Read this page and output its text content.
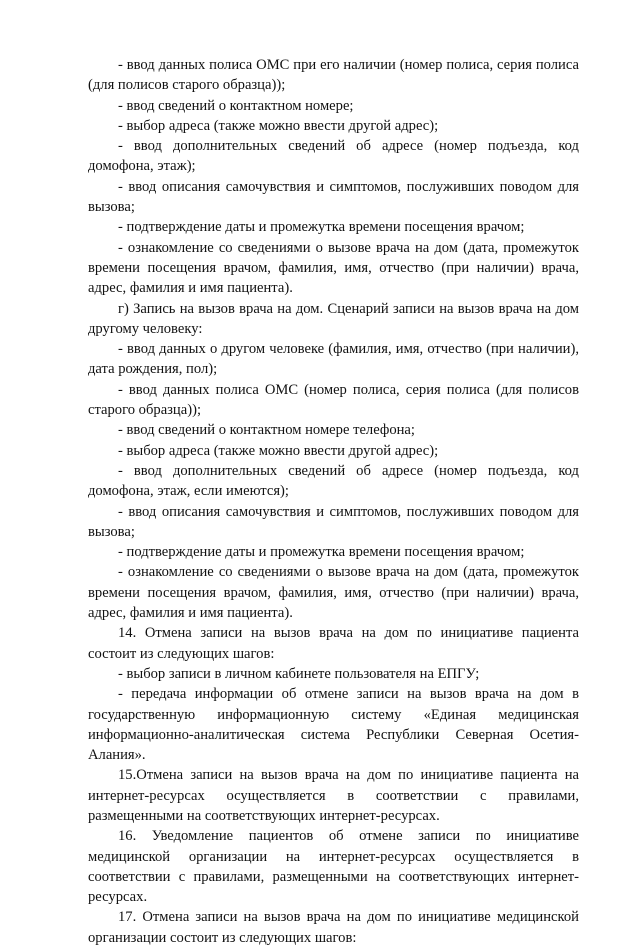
- ввод данных полиса ОМС при его наличии (номер полиса, серия полиса (для полисов старого образца));

- ввод сведений о контактном номере;

- выбор адреса (также можно ввести другой адрес);

- ввод дополнительных сведений об адресе (номер подъезда, код домофона, этаж);

- ввод описания самочувствия и симптомов, послуживших поводом для вызова;

- подтверждение даты и промежутка времени посещения врачом;

- ознакомление со сведениями о вызове врача на дом (дата, промежуток времени посещения врачом, фамилия, имя, отчество (при наличии) врача, адрес, фамилия и имя пациента).

г) Запись на вызов врача на дом. Сценарий записи на вызов врача на дом другому человеку:

- ввод данных о другом человеке (фамилия, имя, отчество (при наличии), дата рождения, пол);

- ввод данных полиса ОМС (номер полиса, серия полиса (для полисов старого образца));

- ввод сведений о контактном номере телефона;

- выбор адреса (также можно ввести другой адрес);

- ввод дополнительных сведений об адресе (номер подъезда, код домофона, этаж, если имеются);

- ввод описания самочувствия и симптомов, послуживших поводом для вызова;

- подтверждение даты и промежутка времени посещения врачом;

- ознакомление со сведениями о вызове врача на дом (дата, промежуток времени посещения врачом, фамилия, имя, отчество (при наличии) врача, адрес, фамилия и имя пациента).

14. Отмена записи на вызов врача на дом по инициативе пациента состоит из следующих шагов:

- выбор записи в личном кабинете пользователя на ЕПГУ;

- передача информации об отмене записи на вызов врача на дом в государственную информационную систему «Единая медицинская информационно-аналитическая система Республики Северная Осетия-Алания».

15.Отмена записи на вызов врача на дом по инициативе пациента на интернет-ресурсах осуществляется в соответствии с правилами, размещенными на соответствующих интернет-ресурсах.

16. Уведомление пациентов об отмене записи по инициативе медицинской организации на интернет-ресурсах осуществляется в соответствии с правилами, размещенными на соответствующих интернет-ресурсах.

17. Отмена записи на вызов врача на дом по инициативе медицинской организации состоит из следующих шагов:
